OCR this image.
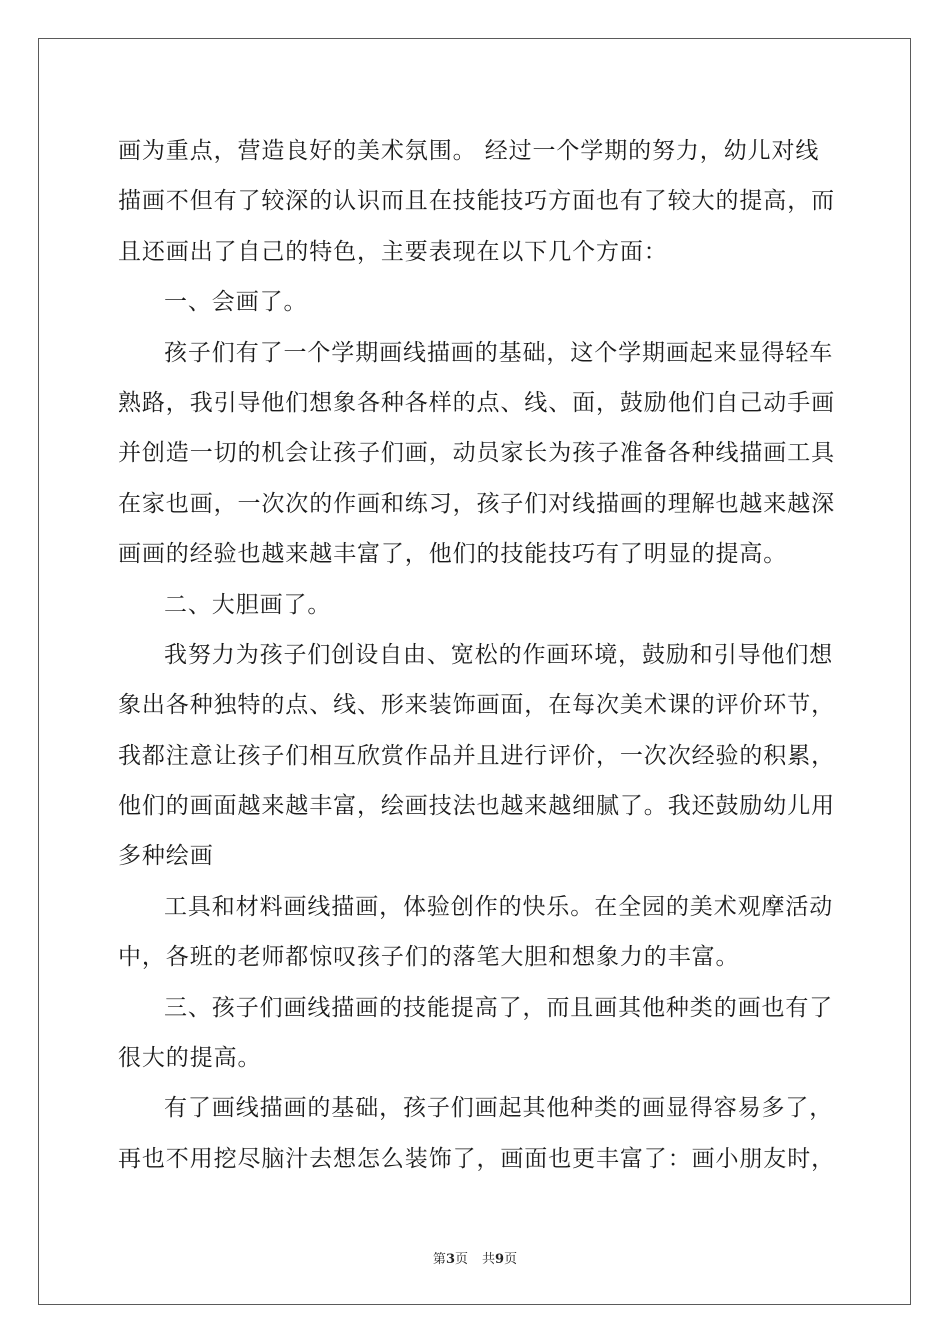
画为重点，营造良好的美术氛围。 经过一个学期的努力，幼儿对线
描画不但有了较深的认识而且在技能技巧方面也有了较大的提高，而
且还画出了自己的特色，主要表现在以下几个方面：
一、会画了。
孩子们有了一个学期画线描画的基础，这个学期画起来显得轻车
熟路，我引导他们想象各种各样的点、线、面，鼓励他们自己动手画
并创造一切的机会让孩子们画，动员家长为孩子准备各种线描画工具
在家也画，一次次的作画和练习，孩子们对线描画的理解也越来越深
画画的经验也越来越丰富了，他们的技能技巧有了明显的提高。
二、大胆画了。
我努力为孩子们创设自由、宽松的作画环境，鼓励和引导他们想
象出各种独特的点、线、形来装饰画面，在每次美术课的评价环节，
我都注意让孩子们相互欣赏作品并且进行评价，一次次经验的积累，
他们的画面越来越丰富，绘画技法也越来越细腻了。我还鼓励幼儿用
多种绘画
工具和材料画线描画，体验创作的快乐。在全园的美术观摩活动
中，各班的老师都惊叹孩子们的落笔大胆和想象力的丰富。
三、孩子们画线描画的技能提高了，而且画其他种类的画也有了
很大的提高。
有了画线描画的基础，孩子们画起其他种类的画显得容易多了，
再也不用挖尽脑汁去想怎么装饰了，画面也更丰富了：画小朋友时，
第3页 共9页
